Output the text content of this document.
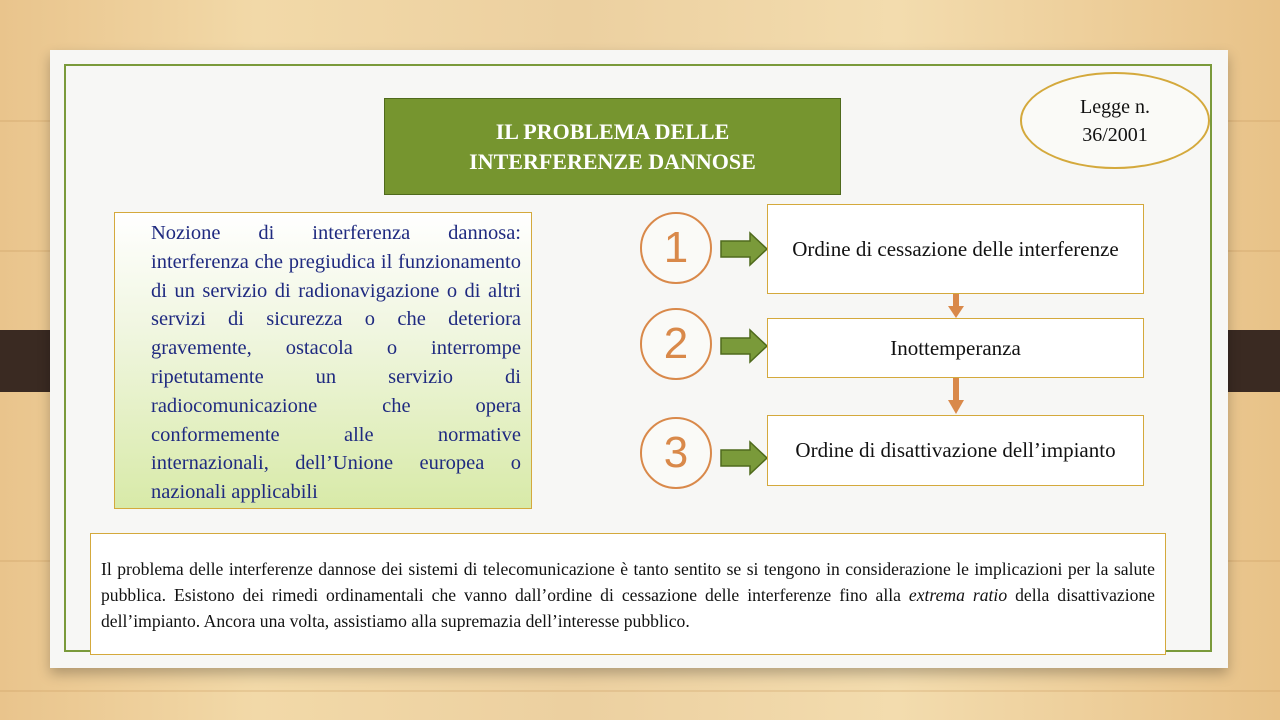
IL PROBLEMA DELLE
INTERFERENZE DANNOSE
Legge n.
36/2001

Nozione di interferenza dannosa: interferenza che pregiudica il funzionamento di un servizio di radionavigazione o di altri servizi di sicurezza o che deteriora gravemente, ostacola o interrompe ripetutamente un servizio di radiocomunicazione che opera conformemente alle normative internazionali, dell’Unione europea o nazionali applicabili

1	Ordine di cessazione delle interferenze
2	Inottemperanza
3	Ordine di disattivazione dell’impianto

Il problema delle interferenze dannose dei sistemi di telecomunicazione è tanto sentito se si tengono in considerazione le implicazioni per la salute pubblica. Esistono dei rimedi ordinamentali che vanno dall’ordine di cessazione delle interferenze fino alla extrema ratio della disattivazione dell’impianto. Ancora una volta, assistiamo alla supremazia dell’interesse pubblico.
